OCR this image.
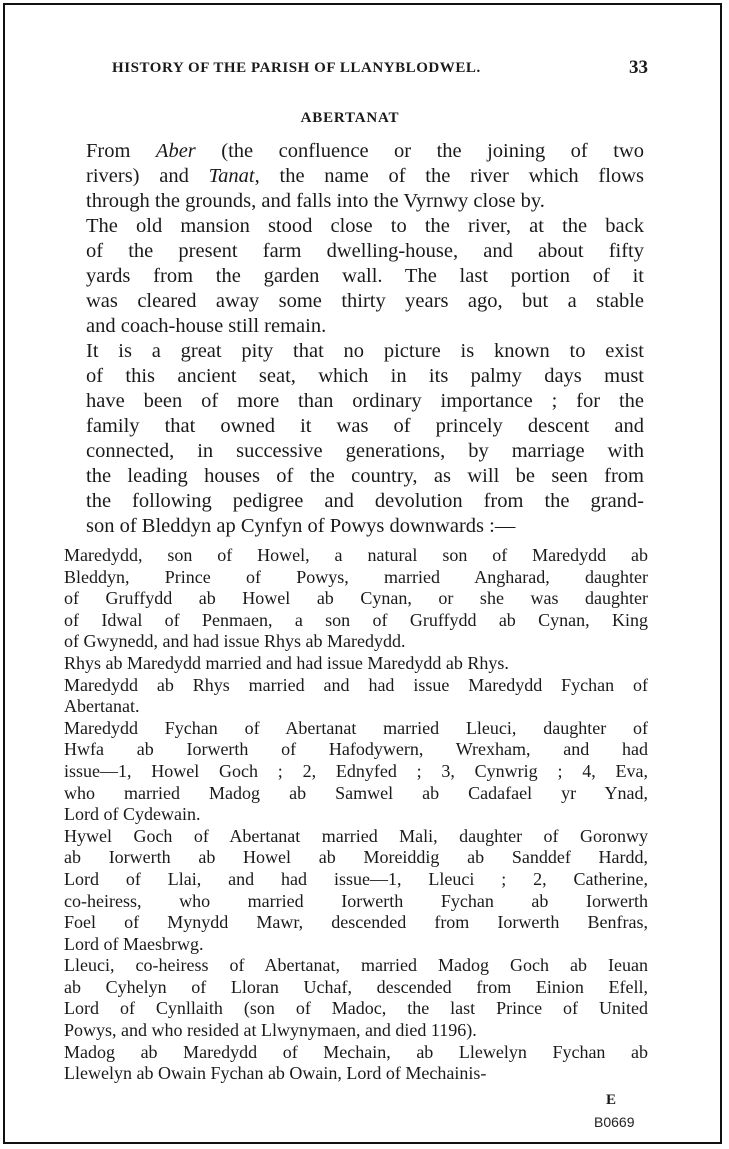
HISTORY OF THE PARISH OF LLANYBLODWEL.	33
ABERTANAT

From Aber (the confluence or the joining of two
rivers) and Tanat, the name of the river which flows
through the grounds, and falls into the Vyrnwy close by.

The old mansion stood close to the river, at the back
of the present farm dwelling-house, and about fifty
yards from the garden wall. The last portion of it
was cleared away some thirty years ago, but a stable
and coach-house still remain.

It is a great pity that no picture is known to exist
of this ancient seat, which in its palmy days must
have been of more than ordinary importance ; for the
family that owned it was of princely descent and
connected, in successive generations, by marriage with
the leading houses of the country, as will be seen from
the following pedigree and devolution from the grand-
son of Bleddyn ap Cynfyn of Powys downwards :—

Maredydd, son of Howel, a natural son of Maredydd ab
Bleddyn, Prince of Powys, married Angharad, daughter
of Gruffydd ab Howel ab Cynan, or she was daughter
of Idwal of Penmaen, a son of Gruffydd ab Cynan, King
of Gwynedd, and had issue Rhys ab Maredydd.

Rhys ab Maredydd married and had issue Maredydd ab Rhys.

Maredydd ab Rhys married and had issue Maredydd Fychan of
Abertanat.

Maredydd Fychan of Abertanat married Lleuci, daughter of
Hwfa ab Iorwerth of Hafodywern, Wrexham, and had
issue—1, Howel Goch ; 2, Ednyfed ; 3, Cynwrig ; 4, Eva,
who married Madog ab Samwel ab Cadafael yr Ynad,
Lord of Cydewain.

Hywel Goch of Abertanat married Mali, daughter of Goronwy
ab Iorwerth ab Howel ab Moreiddig ab Sanddef Hardd,
Lord of Llai, and had issue—1, Lleuci ; 2, Catherine,
co-heiress, who married Iorwerth Fychan ab Iorwerth
Foel of Mynydd Mawr, descended from Iorwerth Benfras,
Lord of Maesbrwg.

Lleuci, co-heiress of Abertanat, married Madog Goch ab Ieuan
ab Cyhelyn of Lloran Uchaf, descended from Einion Efell,
Lord of Cynllaith (son of Madoc, the last Prince of United
Powys, and who resided at Llwynymaen, and died 1196).

Madog ab Maredydd of Mechain, ab Llewelyn Fychan ab
Llewelyn ab Owain Fychan ab Owain, Lord of Mechainis-

E
B0669
